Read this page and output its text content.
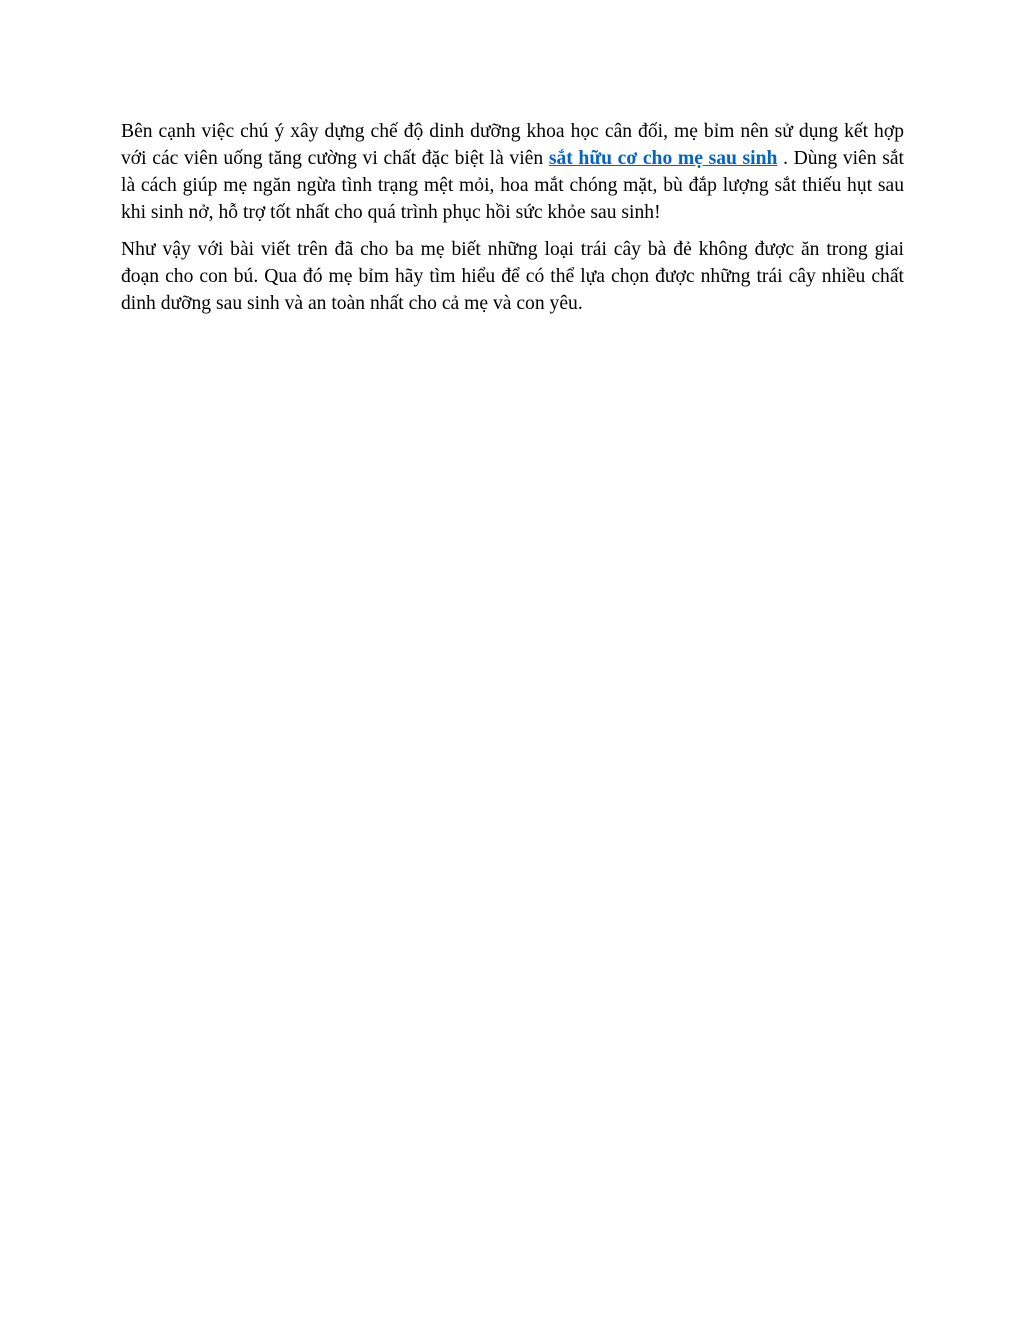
Bên cạnh việc chú ý xây dựng chế độ dinh dưỡng khoa học cân đối, mẹ bỉm nên sử dụng kết hợp với các viên uống tăng cường vi chất đặc biệt là viên sắt hữu cơ cho mẹ sau sinh . Dùng viên sắt là cách giúp mẹ ngăn ngừa tình trạng mệt mỏi, hoa mắt chóng mặt, bù đắp lượng sắt thiếu hụt sau khi sinh nở, hỗ trợ tốt nhất cho quá trình phục hồi sức khỏe sau sinh!

Như vậy với bài viết trên đã cho ba mẹ biết những loại trái cây bà đẻ không được ăn trong giai đoạn cho con bú. Qua đó mẹ bỉm hãy tìm hiểu để có thể lựa chọn được những trái cây nhiều chất dinh dưỡng sau sinh và an toàn nhất cho cả mẹ và con yêu.
